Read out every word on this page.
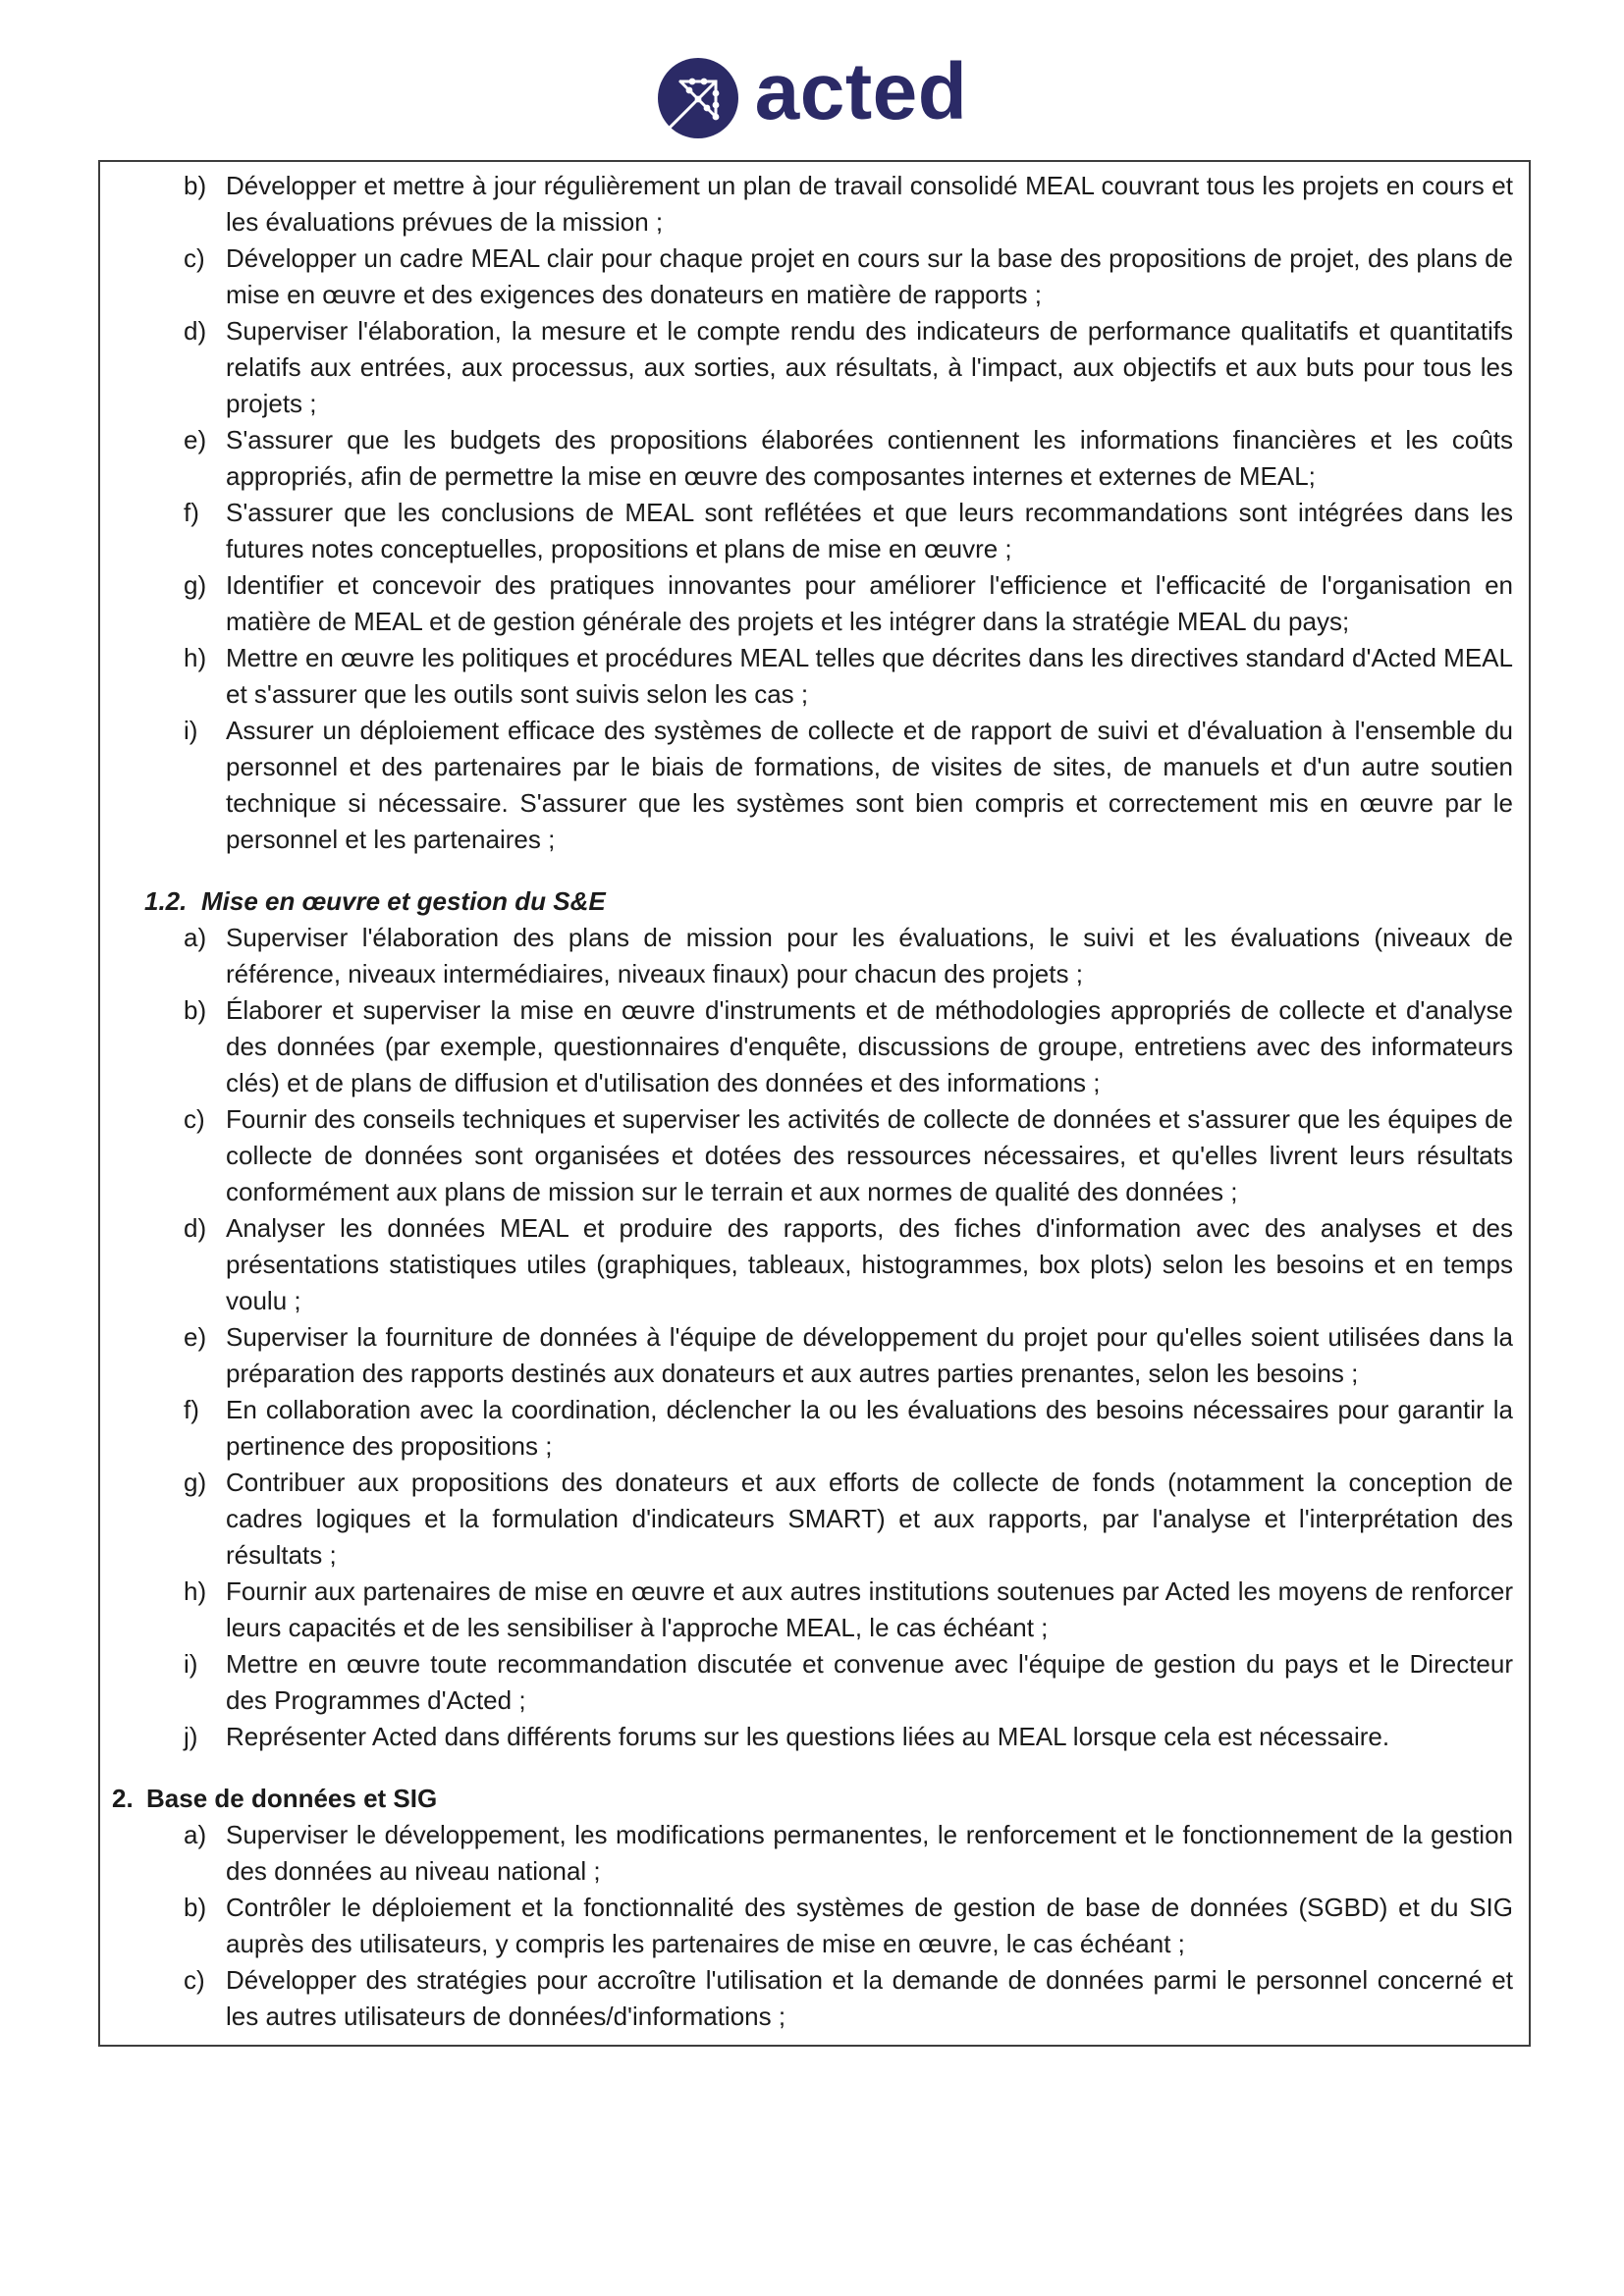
acted
b) Développer et mettre à jour régulièrement un plan de travail consolidé MEAL couvrant tous les projets en cours et les évaluations prévues de la mission ;
c) Développer un cadre MEAL clair pour chaque projet en cours sur la base des propositions de projet, des plans de mise en œuvre et des exigences des donateurs en matière de rapports ;
d) Superviser l'élaboration, la mesure et le compte rendu des indicateurs de performance qualitatifs et quantitatifs relatifs aux entrées, aux processus, aux sorties, aux résultats, à l'impact, aux objectifs et aux buts pour tous les projets ;
e) S'assurer que les budgets des propositions élaborées contiennent les informations financières et les coûts appropriés, afin de permettre la mise en œuvre des composantes internes et externes de MEAL;
f)	S'assurer que les conclusions de MEAL sont reflétées et que leurs recommandations sont intégrées dans les futures notes conceptuelles, propositions et plans de mise en œuvre ;
g) Identifier et concevoir des pratiques innovantes pour améliorer l'efficience et l'efficacité de l'organisation en matière de MEAL et de gestion générale des projets et les intégrer dans la stratégie MEAL du pays;
h) Mettre en œuvre les politiques et procédures MEAL telles que décrites dans les directives standard d'Acted MEAL et s'assurer que les outils sont suivis selon les cas ;
i)	Assurer un déploiement efficace des systèmes de collecte et de rapport de suivi et d'évaluation à l'ensemble du personnel et des partenaires par le biais de formations, de visites de sites, de manuels et d'un autre soutien technique si nécessaire. S'assurer que les systèmes sont bien compris et correctement mis en œuvre par le personnel et les partenaires ;
1.2. Mise en œuvre et gestion du S&E
a) Superviser l'élaboration des plans de mission pour les évaluations, le suivi et les évaluations (niveaux de référence, niveaux intermédiaires, niveaux finaux) pour chacun des projets ;
b) Élaborer et superviser la mise en œuvre d'instruments et de méthodologies appropriés de collecte et d'analyse des données (par exemple, questionnaires d'enquête, discussions de groupe, entretiens avec des informateurs clés) et de plans de diffusion et d'utilisation des données et des informations ;
c) Fournir des conseils techniques et superviser les activités de collecte de données et s'assurer que les équipes de collecte de données sont organisées et dotées des ressources nécessaires, et qu'elles livrent leurs résultats conformément aux plans de mission sur le terrain et aux normes de qualité des données ;
d) Analyser les données MEAL et produire des rapports, des fiches d'information avec des analyses et des présentations statistiques utiles (graphiques, tableaux, histogrammes, box plots) selon les besoins et en temps voulu ;
e) Superviser la fourniture de données à l'équipe de développement du projet pour qu'elles soient utilisées dans la préparation des rapports destinés aux donateurs et aux autres parties prenantes, selon les besoins ;
f)	En collaboration avec la coordination, déclencher la ou les évaluations des besoins nécessaires pour garantir la pertinence des propositions ;
g) Contribuer aux propositions des donateurs et aux efforts de collecte de fonds (notamment la conception de cadres logiques et la formulation d'indicateurs SMART) et aux rapports, par l'analyse et l'interprétation des résultats ;
h) Fournir aux partenaires de mise en œuvre et aux autres institutions soutenues par Acted les moyens de renforcer leurs capacités et de les sensibiliser à l'approche MEAL, le cas échéant ;
i)	Mettre en œuvre toute recommandation discutée et convenue avec l'équipe de gestion du pays et le Directeur des Programmes d'Acted ;
j)	Représenter Acted dans différents forums sur les questions liées au MEAL lorsque cela est nécessaire.
2. Base de données et SIG
a) Superviser le développement, les modifications permanentes, le renforcement et le fonctionnement de la gestion des données au niveau national ;
b) Contrôler le déploiement et la fonctionnalité des systèmes de gestion de base de données (SGBD) et du SIG auprès des utilisateurs, y compris les partenaires de mise en œuvre, le cas échéant ;
c) Développer des stratégies pour accroître l'utilisation et la demande de données parmi le personnel concerné et les autres utilisateurs de données/d'informations ;
